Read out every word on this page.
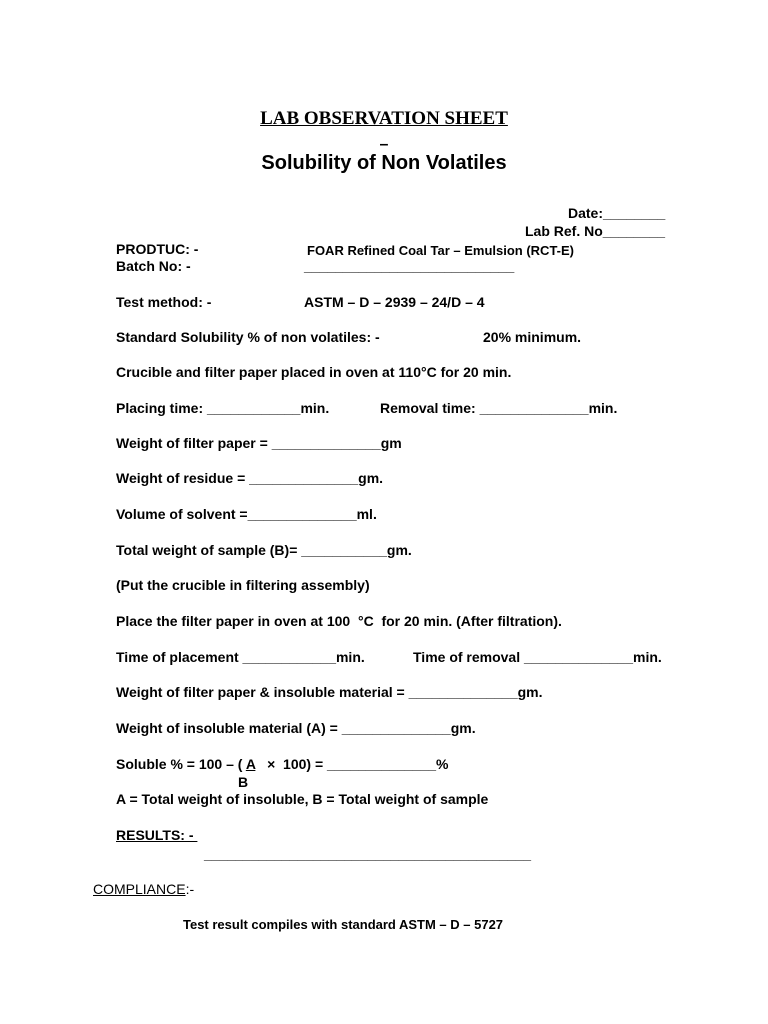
LAB OBSERVATION SHEET
–
Solubility of Non Volatiles
Date:________
Lab Ref. No________
PRODTUC: -	FOAR Refined Coal Tar – Emulsion (RCT-E)
Batch No: -	___________________________
Test method: -	ASTM – D – 2939 – 24/D – 4
Standard Solubility % of non volatiles: -	20% minimum.
Crucible and filter paper placed in oven at 110°C for 20 min.
Placing time: ____________min.	Removal time: ______________min.
Weight of filter paper = ______________gm
Weight of residue = ______________gm.
Volume of solvent =______________ml.
Total weight of sample (B)= ___________gm.
(Put the crucible in filtering assembly)
Place the filter paper in oven at 100  °C  for 20 min. (After filtration).
Time of placement ____________min.	Time of removal ______________min.
Weight of filter paper & insoluble material = ______________gm.
Weight of insoluble material (A) = ______________gm.
Soluble % = 100 – ( A   ×  100) = ______________%
B
A = Total weight of insoluble, B = Total weight of sample
RESULTS: -
__________________________________________
COMPLIANCE:-
Test result compiles with standard ASTM – D – 5727
